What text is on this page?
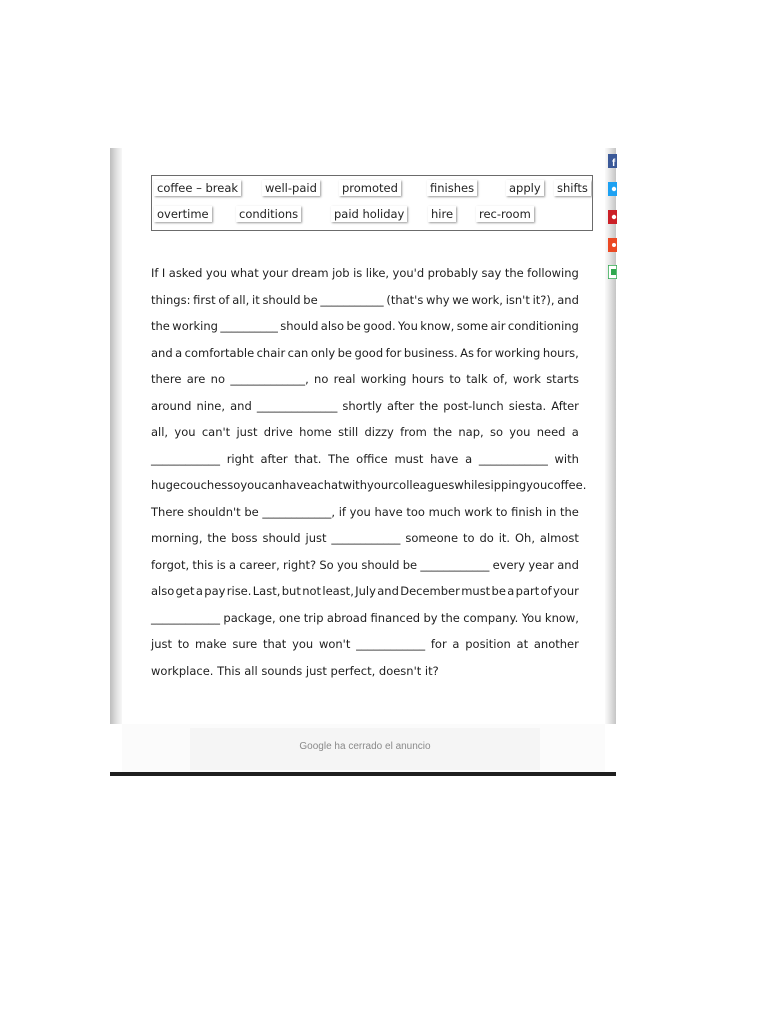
coffee – break well-paid promoted	finishes	apply shifts
overtime	conditions	paid holiday hire rec-room
If I asked you what your dream job is like, you'd probably say the following
things: first of all, it should be ___________ (that's why we work, isn't it?), and
the working __________ should also be good. You know, some air conditioning
and a comfortable chair can only be good for business. As for working hours,
there are no _____________, no real working hours to talk of, work starts
around nine, and ______________ shortly after the post-lunch siesta. After
all, you can't just drive home still dizzy from the nap, so you need a
____________ right after that. The office must have a ____________ with
huge couches so you can have a chat with your colleagues while sipping you coffee.
There shouldn't be ____________, if you have too much work to finish in the
morning, the boss should just ____________ someone to do it. Oh, almost
forgot, this is a career, right? So you should be ____________ every year and
also get a pay rise. Last, but not least, July and December must be a part of your
____________ package, one trip abroad financed by the company. You know,
just to make sure that you won't ____________ for a position at another
workplace. This all sounds just perfect, doesn't it?
Google ha cerrado el anuncio
f
